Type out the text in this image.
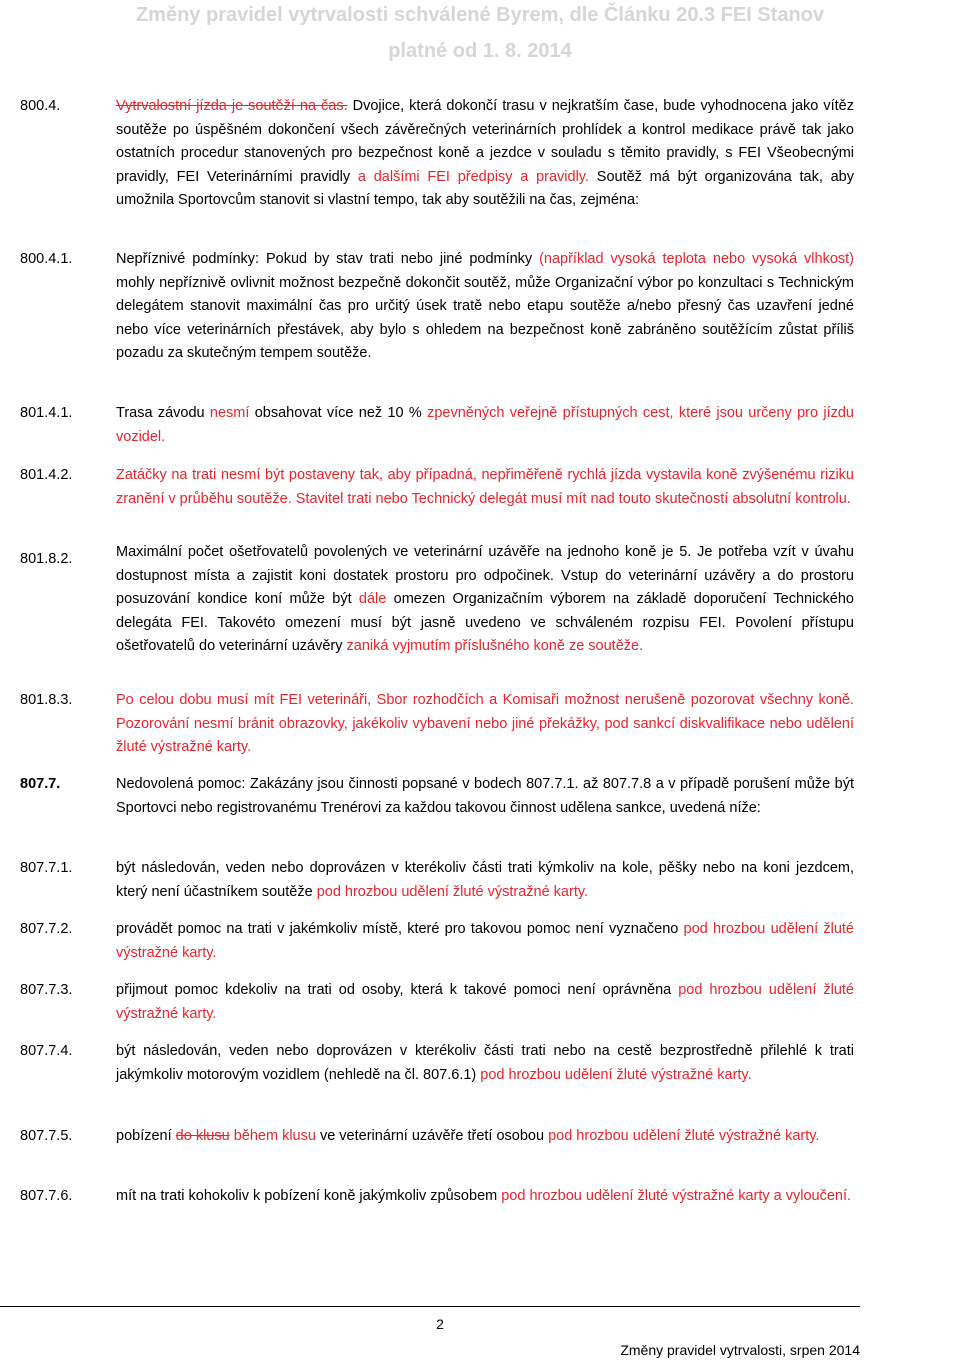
Změny pravidel vytrvalosti schválené Byrem, dle Článku 20.3 FEI Stanov
platné od 1. 8. 2014
800.4.	Vytrvalostní jízda je soutěží na čas. Dvojice, která dokončí trasu v nejkratším čase, bude vyhodnocena jako vítěz soutěže po úspěšném dokončení všech závěrečných veterinárních prohlídek a kontrol medikace právě tak jako ostatních procedur stanovených pro bezpečnost koně a jezdce v souladu s těmito pravidly, s FEI Všeobecnými pravidly, FEI Veterinárními pravidly a dalšími FEI předpisy a pravidly. Soutěž má být organizována tak, aby umožnila Sportovcům stanovit si vlastní tempo, tak aby soutěžili na čas, zejména:
800.4.1.	Nepříznivé podmínky: Pokud by stav trati nebo jiné podmínky (například vysoká teplota nebo vysoká vlhkost) mohly nepříznivě ovlivnit možnost bezpečně dokončit soutěž, může Organizační výbor po konzultaci s Technickým delegátem stanovit maximální čas pro určitý úsek tratě nebo etapu soutěže a/nebo přesný čas uzavření jedné nebo více veterinárních přestávek, aby bylo s ohledem na bezpečnost koně zabráněno soutěžícím zůstat příliš pozadu za skutečným tempem soutěže.
801.4.1.	Trasa závodu nesmí obsahovat více než 10 % zpevněných veřejně přístupných cest, které jsou určeny pro jízdu vozidel.
801.4.2.	Zatáčky na trati nesmí být postaveny tak, aby případná, nepřiměřeně rychlá jízda vystavila koně zvýšenému riziku zranění v průběhu soutěže. Stavitel trati nebo Technický delegát musí mít nad touto skutečností absolutní kontrolu.
801.8.2.	Maximální počet ošetřovatelů povolených ve veterinární uzávěře na jednoho koně je 5. Je potřeba vzít v úvahu dostupnost místa a zajistit koni dostatek prostoru pro odpočinek. Vstup do veterinární uzávěry a do prostoru posuzování kondice koní může být dále omezen Organizačním výborem na základě doporučení Technického delegáta FEI. Takovéto omezení musí být jasně uvedeno ve schváleném rozpisu FEI. Povolení přístupu ošetřovatelů do veterinární uzávěry zaniká vyjmutím příslušného koně ze soutěže.
801.8.3.	Po celou dobu musí mít FEI veterináři, Sbor rozhodčích a Komisaři možnost nerušeně pozorovat všechny koně. Pozorování nesmí bránit obrazovky, jakékoliv vybavení nebo jiné překážky, pod sankcí diskvalifikace nebo udělení žluté výstražné karty.
807.7.	Nedovolená pomoc: Zakázány jsou činnosti popsané v bodech 807.7.1. až 807.7.8 a v případě porušení může být Sportovci nebo registrovanému Trenérovi za každou takovou činnost udělena sankce, uvedená níže:
807.7.1.	být následován, veden nebo doprovázen v kterékoliv části trati kýmkoliv na kole, pěšky nebo na koni jezdcem, který není účastníkem soutěže pod hrozbou udělení žluté výstražné karty.
807.7.2.	provádět pomoc na trati v jakémkoliv místě, které pro takovou pomoc není vyznačeno pod hrozbou udělení žluté výstražné karty.
807.7.3.	přijmout pomoc kdekoliv na trati od osoby, která k takové pomoci není oprávněna pod hrozbou udělení žluté výstražné karty.
807.7.4.	být následován, veden nebo doprovázen v kterékoliv části trati nebo na cestě bezprostředně přilehlé k trati jakýmkoliv motorovým vozidlem (nehledě na čl. 807.6.1) pod hrozbou udělení žluté výstražné karty.
807.7.5.	pobízení do klusu během klusu ve veterinární uzávěře třetí osobou pod hrozbou udělení žluté výstražné karty.
807.7.6.	mít na trati kohokoliv k pobízení koně jakýmkoliv způsobem pod hrozbou udělení žluté výstražné karty a vyloučení.
2
Změny pravidel vytrvalosti, srpen 2014
